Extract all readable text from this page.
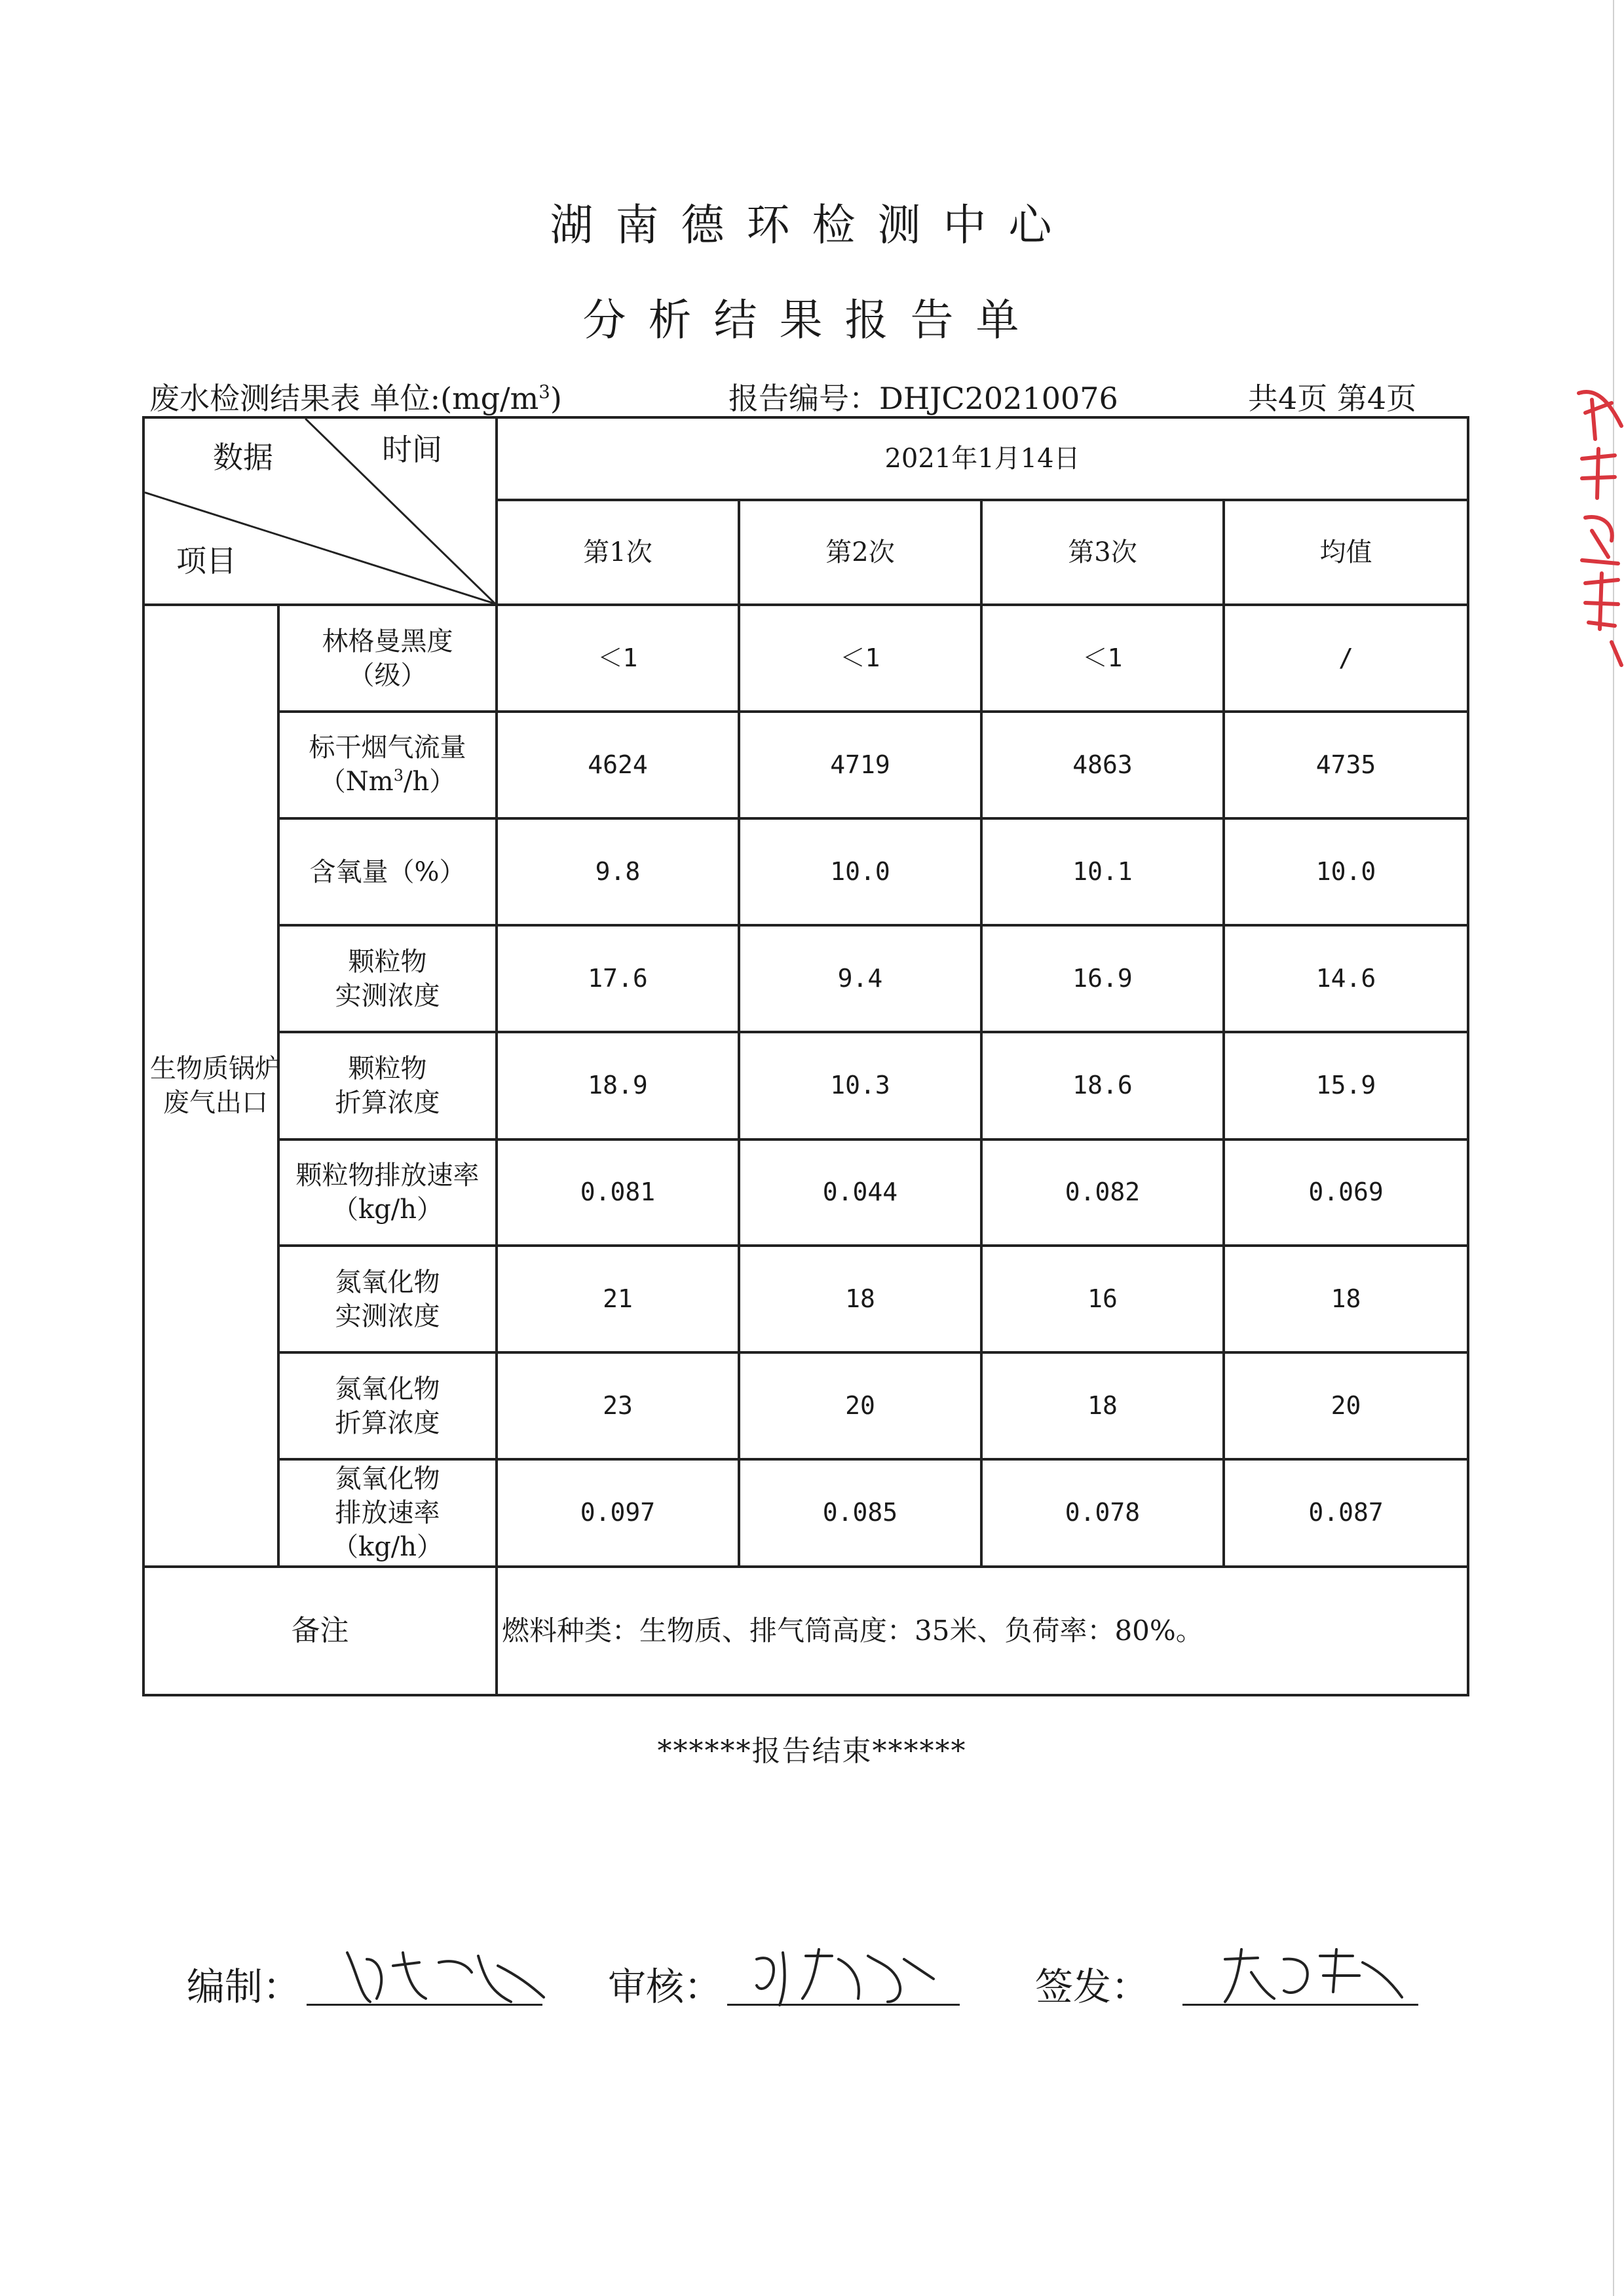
湖南德环检测中心
分析结果报告单
废水检测结果表 单位$:(mg/m^3)$	报告编号：DHJC20210076	共4页 第4页
数据 时间
项目		2021年1月14日			
		第1次	第2次	第3次	均值
生物质锅炉废气出口	林格曼黑度
（级）	＜1	＜1	＜1	/

	标干烟气流量
（Nm$^3$/h）	4624	4719	4863	4735

	含氧量（%）	9.8	10.0	10.1	10.0

	颗粒物
实测浓度	17.6	9.4	16.9	14.6

	颗粒物
折算浓度	18.9	10.3	18.6	15.9

	颗粒物排放速率
（kg/h）	0.081	0.044	0.082	0.069

	氮氧化物
实测浓度	21	18	16	18

	氮氧化物
折算浓度	23	20	18	20

	氮氧化物
排放速率
（kg/h）	0.097	0.085	0.078	0.087
备注		燃料种类：生物质、排气筒高度：35米、负荷率：80%。			
******报告结束******
编制：	审核：	签发：
